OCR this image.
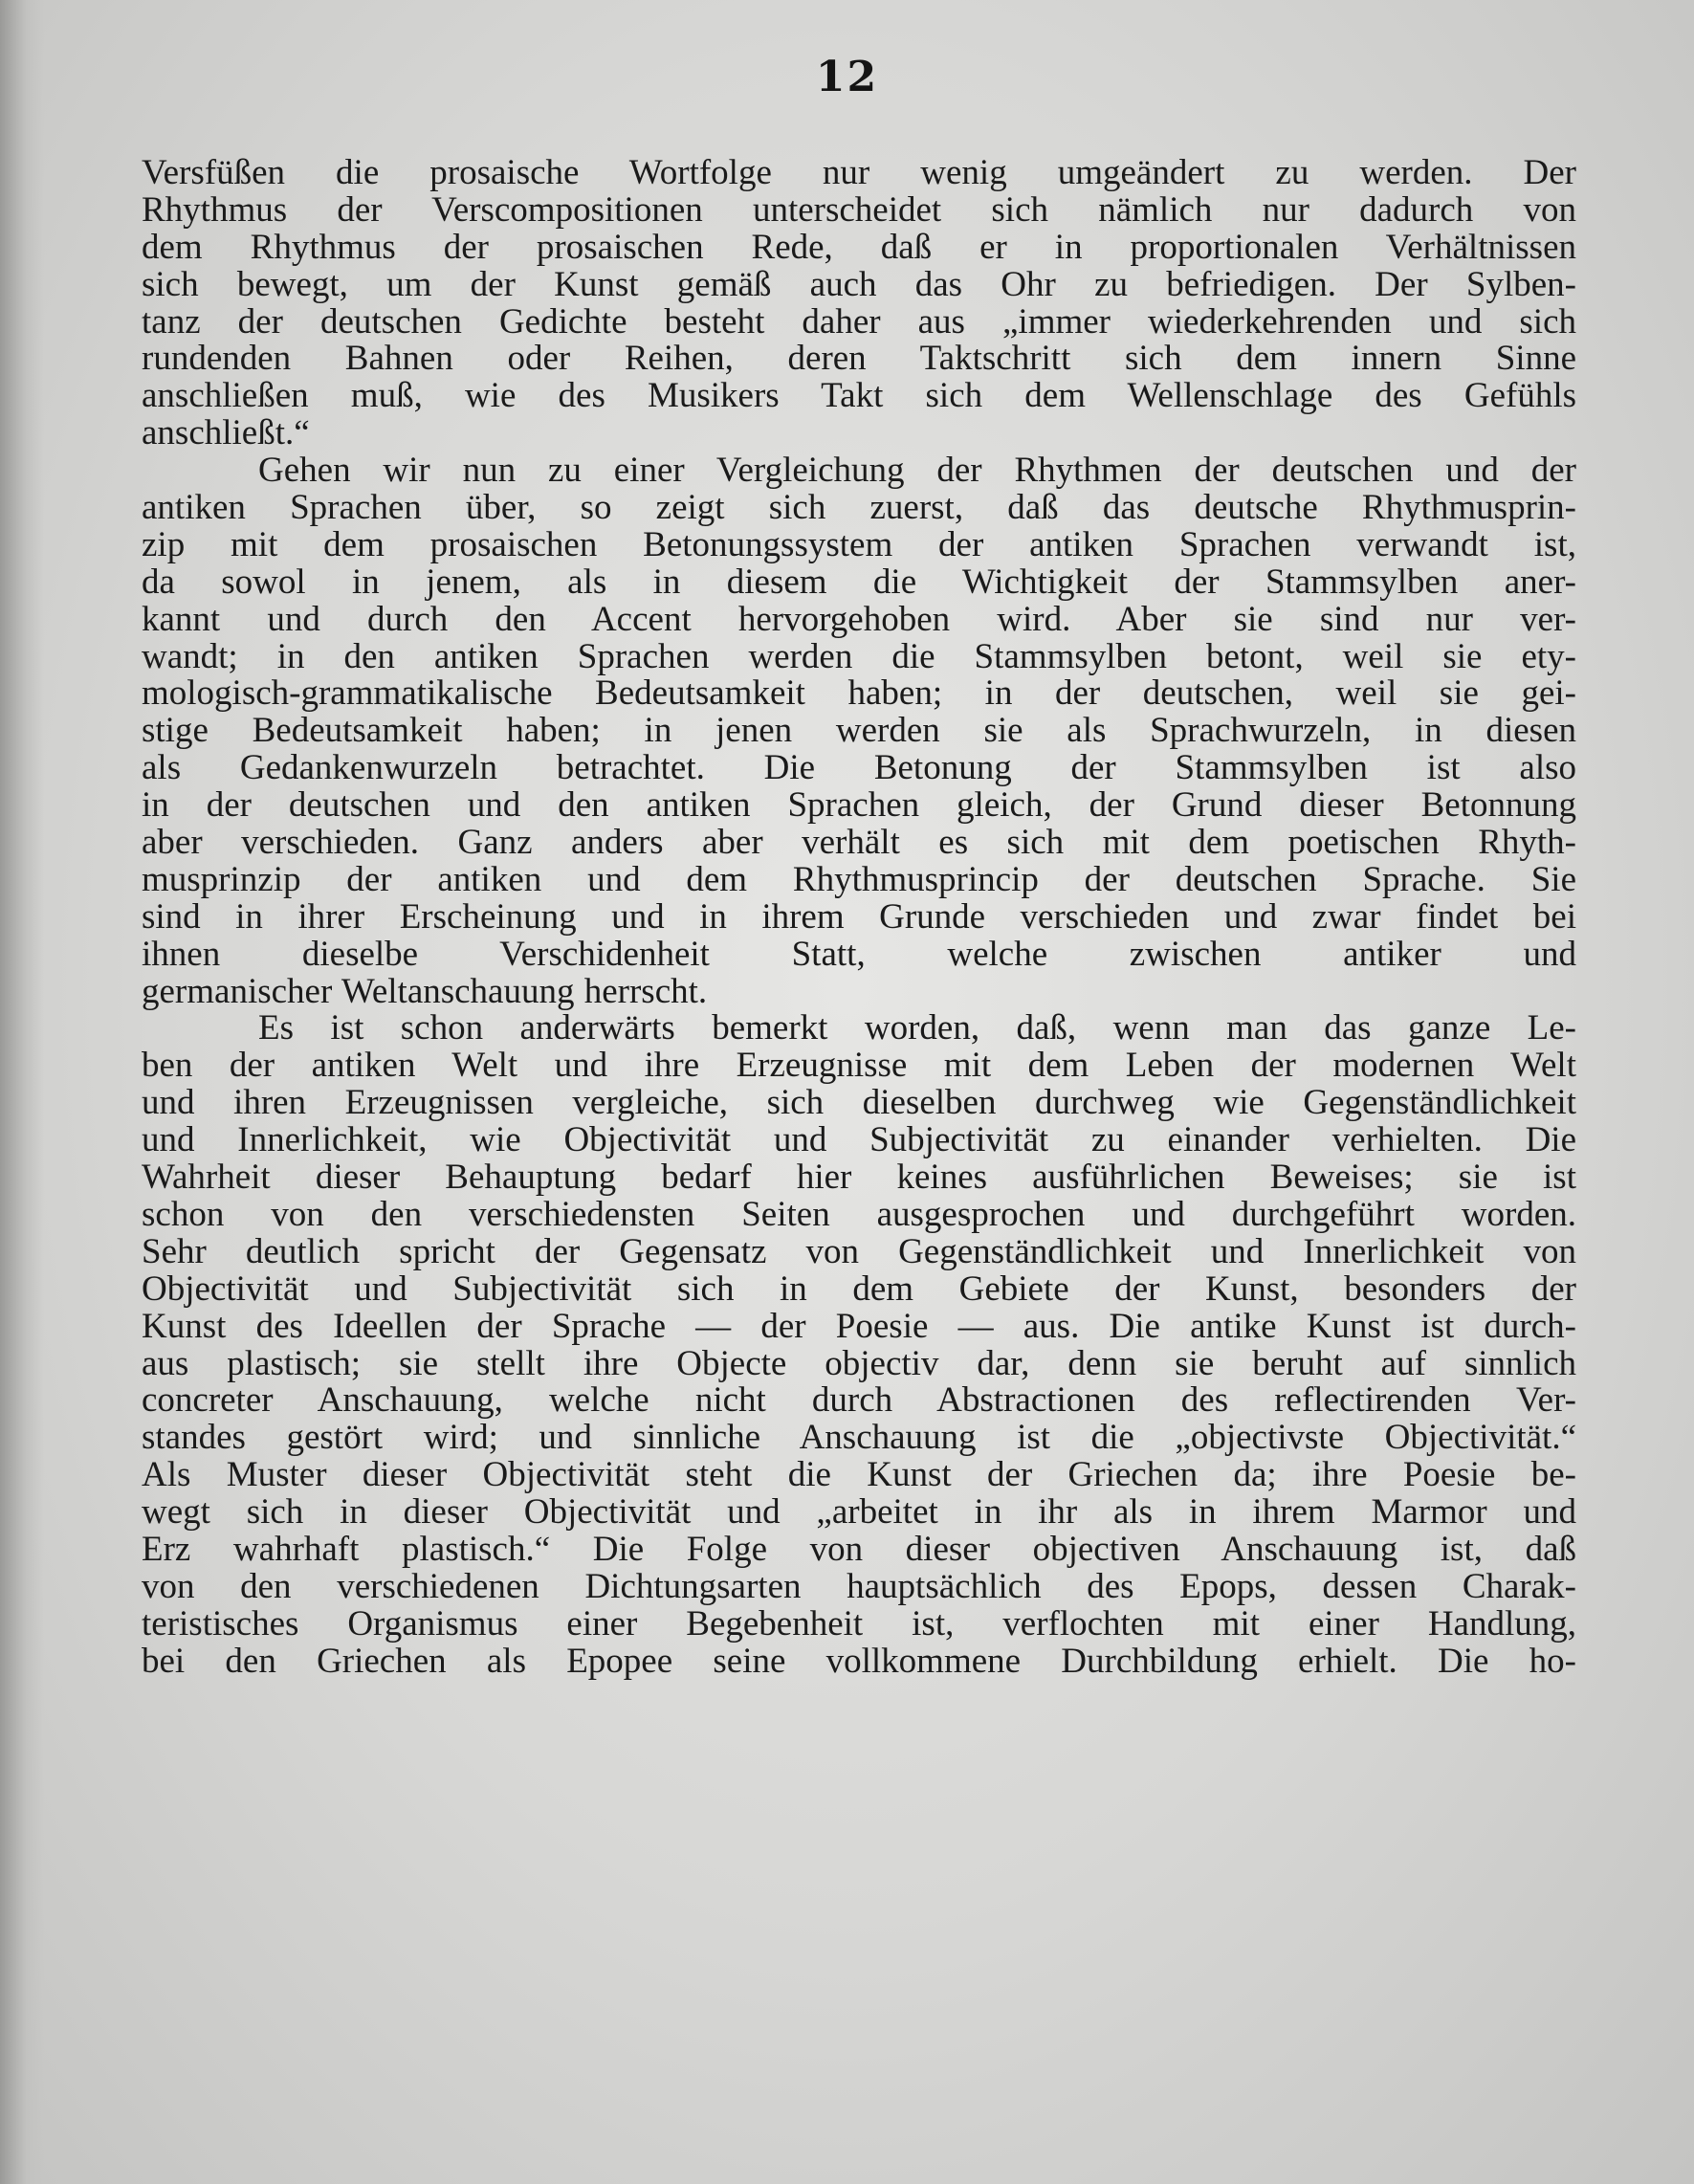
12
Versfüßen die prosaische Wortfolge nur wenig umgeändert zu werden. Der
Rhythmus der Verscompositionen unterscheidet sich nämlich nur dadurch von
dem Rhythmus der prosaischen Rede, daß er in proportionalen Verhältnissen
sich bewegt, um der Kunst gemäß auch das Ohr zu befriedigen. Der Sylben-
tanz der deutschen Gedichte besteht daher aus „immer wiederkehrenden und sich
rundenden Bahnen oder Reihen, deren Taktschritt sich dem innern Sinne
anschließen muß, wie des Musikers Takt sich dem Wellenschlage des Gefühls
anschließt.“
Gehen wir nun zu einer Vergleichung der Rhythmen der deutschen und der
antiken Sprachen über, so zeigt sich zuerst, daß das deutsche Rhythmusprin-
zip mit dem prosaischen Betonungssystem der antiken Sprachen verwandt ist,
da sowol in jenem, als in diesem die Wichtigkeit der Stammsylben aner-
kannt und durch den Accent hervorgehoben wird. Aber sie sind nur ver-
wandt; in den antiken Sprachen werden die Stammsylben betont, weil sie ety-
mologisch-grammatikalische Bedeutsamkeit haben; in der deutschen, weil sie gei-
stige Bedeutsamkeit haben; in jenen werden sie als Sprachwurzeln, in diesen
als Gedankenwurzeln betrachtet. Die Betonung der Stammsylben ist also
in der deutschen und den antiken Sprachen gleich, der Grund dieser Betonnung
aber verschieden. Ganz anders aber verhält es sich mit dem poetischen Rhyth-
musprinzip der antiken und dem Rhythmusprincip der deutschen Sprache. Sie
sind in ihrer Erscheinung und in ihrem Grunde verschieden und zwar findet bei
ihnen dieselbe Verschidenheit Statt, welche zwischen antiker und
germanischer Weltanschauung herrscht.
Es ist schon anderwärts bemerkt worden, daß, wenn man das ganze Le-
ben der antiken Welt und ihre Erzeugnisse mit dem Leben der modernen Welt
und ihren Erzeugnissen vergleiche, sich dieselben durchweg wie Gegenständlichkeit
und Innerlichkeit, wie Objectivität und Subjectivität zu einander verhielten. Die
Wahrheit dieser Behauptung bedarf hier keines ausführlichen Beweises; sie ist
schon von den verschiedensten Seiten ausgesprochen und durchgeführt worden.
Sehr deutlich spricht der Gegensatz von Gegenständlichkeit und Innerlichkeit von
Objectivität und Subjectivität sich in dem Gebiete der Kunst, besonders der
Kunst des Ideellen der Sprache — der Poesie — aus. Die antike Kunst ist durch-
aus plastisch; sie stellt ihre Objecte objectiv dar, denn sie beruht auf sinnlich
concreter Anschauung, welche nicht durch Abstractionen des reflectirenden Ver-
standes gestört wird; und sinnliche Anschauung ist die „objectivste Objectivität.“
Als Muster dieser Objectivität steht die Kunst der Griechen da; ihre Poesie be-
wegt sich in dieser Objectivität und „arbeitet in ihr als in ihrem Marmor und
Erz wahrhaft plastisch.“ Die Folge von dieser objectiven Anschauung ist, daß
von den verschiedenen Dichtungsarten hauptsächlich des Epops, dessen Charak-
teristisches Organismus einer Begebenheit ist, verflochten mit einer Handlung,
bei den Griechen als Epopee seine vollkommene Durchbildung erhielt. Die ho-
